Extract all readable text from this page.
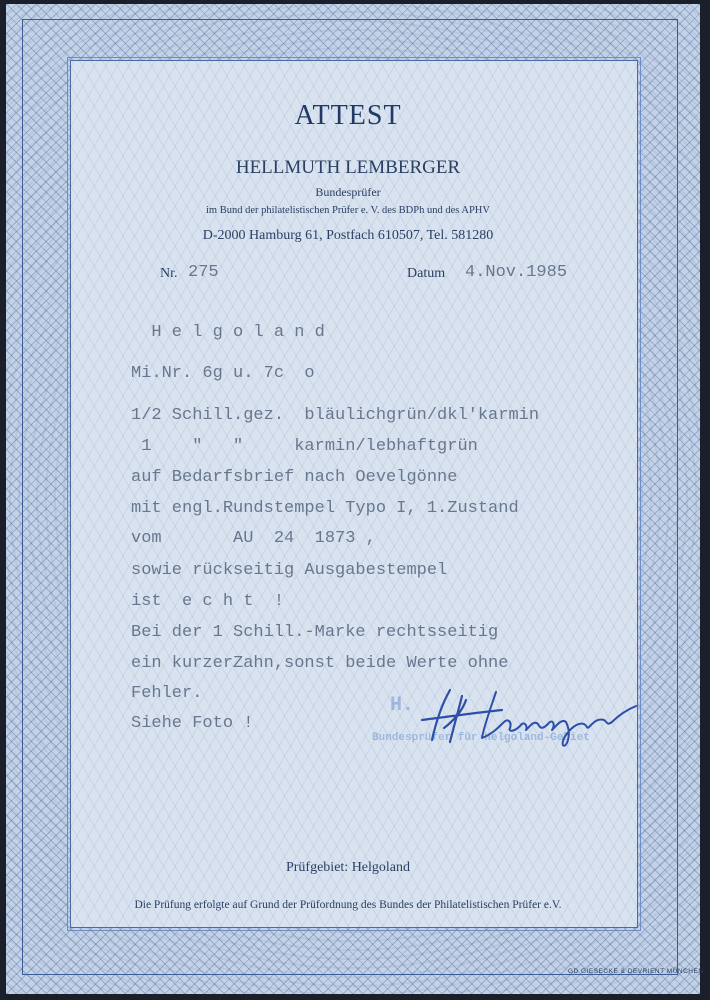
ATTEST
HELLMUTH LEMBERGER
Bundesprüfer
im Bund der philatelistischen Prüfer e. V. des BDPh und des APHV
D-2000 Hamburg 61, Postfach 610507, Tel. 581280
Nr. 275	Datum 4.Nov.1985
H e l g o l a n d
Mi.Nr. 6g u. 7c  o
1/2 Schill.gez.  bläulichgrün/dkl'karmin
1    "   "     karmin/lebhaftgrün
auf Bedarfsbrief nach Oevelgönne
mit engl.Rundstempel Typo I, 1.Zustand
vom       AU  24  1873 ,
sowie rückseitig Ausgabestempel
ist  e c h t  !
Bei der 1 Schill.-Marke rechtsseitig
ein kurzerZahn,sonst beide Werte ohne
Fehler.
Siehe Foto !
H.
Bundesprüfer für Helgoland-Gebiet
Prüfgebiet: Helgoland
Die Prüfung erfolgte auf Grund der Prüfordnung des Bundes der Philatelistischen Prüfer e.V.
GD GIESECKE & DEVRIENT MÜNCHEN
